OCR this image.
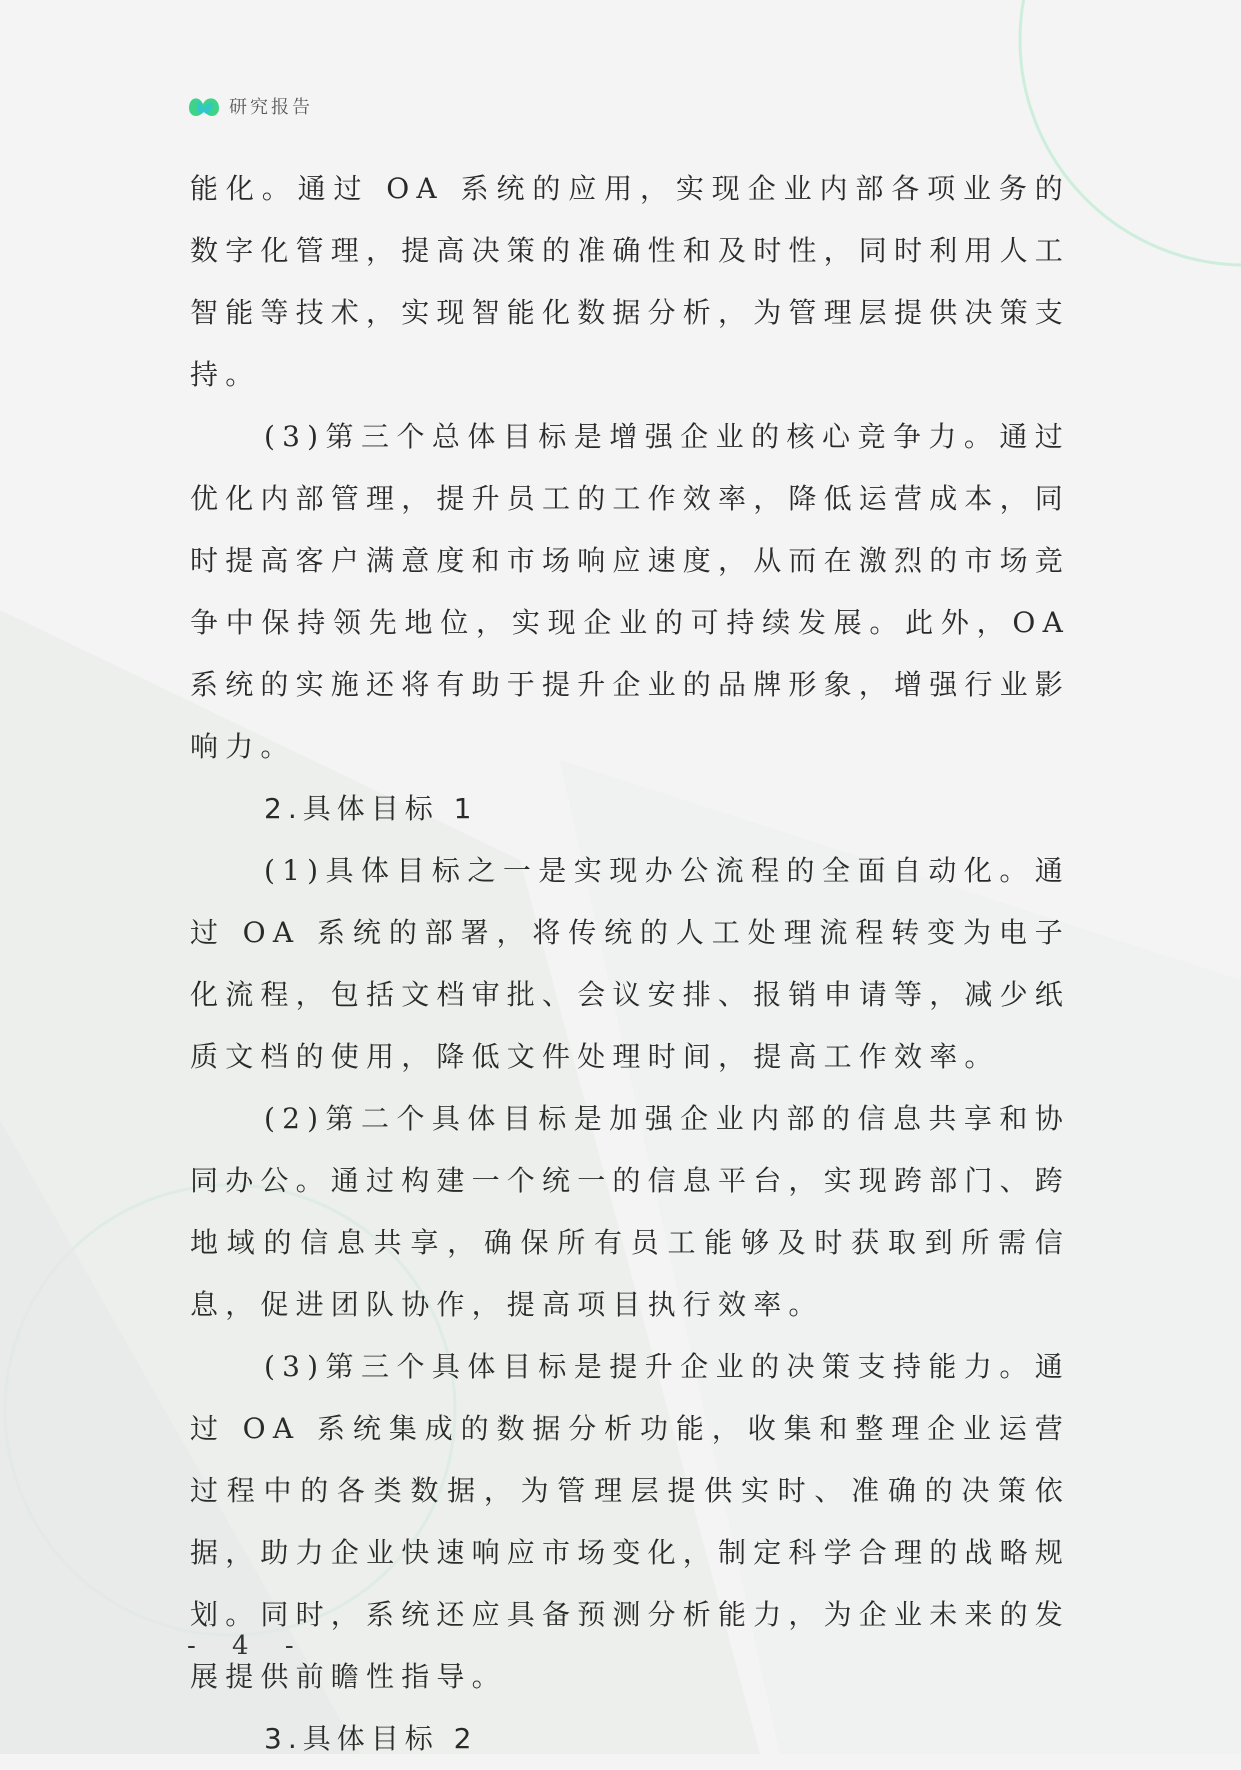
研究报告

能化。通过 OA 系统的应用，实现企业内部各项业务的数字化管理，提高决策的准确性和及时性，同时利用人工智能等技术，实现智能化数据分析，为管理层提供决策支持。

(3)第三个总体目标是增强企业的核心竞争力。通过优化内部管理，提升员工的工作效率，降低运营成本，同时提高客户满意度和市场响应速度，从而在激烈的市场竞争中保持领先地位，实现企业的可持续发展。此外，OA 系统的实施还将有助于提升企业的品牌形象，增强行业影响力。

2.具体目标 1

(1)具体目标之一是实现办公流程的全面自动化。通过 OA 系统的部署，将传统的人工处理流程转变为电子化流程，包括文档审批、会议安排、报销申请等，减少纸质文档的使用，降低文件处理时间，提高工作效率。

(2)第二个具体目标是加强企业内部的信息共享和协同办公。通过构建一个统一的信息平台，实现跨部门、跨地域的信息共享，确保所有员工能够及时获取到所需信息，促进团队协作，提高项目执行效率。

(3)第三个具体目标是提升企业的决策支持能力。通过 OA 系统集成的数据分析功能，收集和整理企业运营过程中的各类数据，为管理层提供实时、准确的决策依据，助力企业快速响应市场变化，制定科学合理的战略规划。同时，系统还应具备预测分析能力，为企业未来的发展提供前瞻性指导。

3.具体目标 2

- 4 -
